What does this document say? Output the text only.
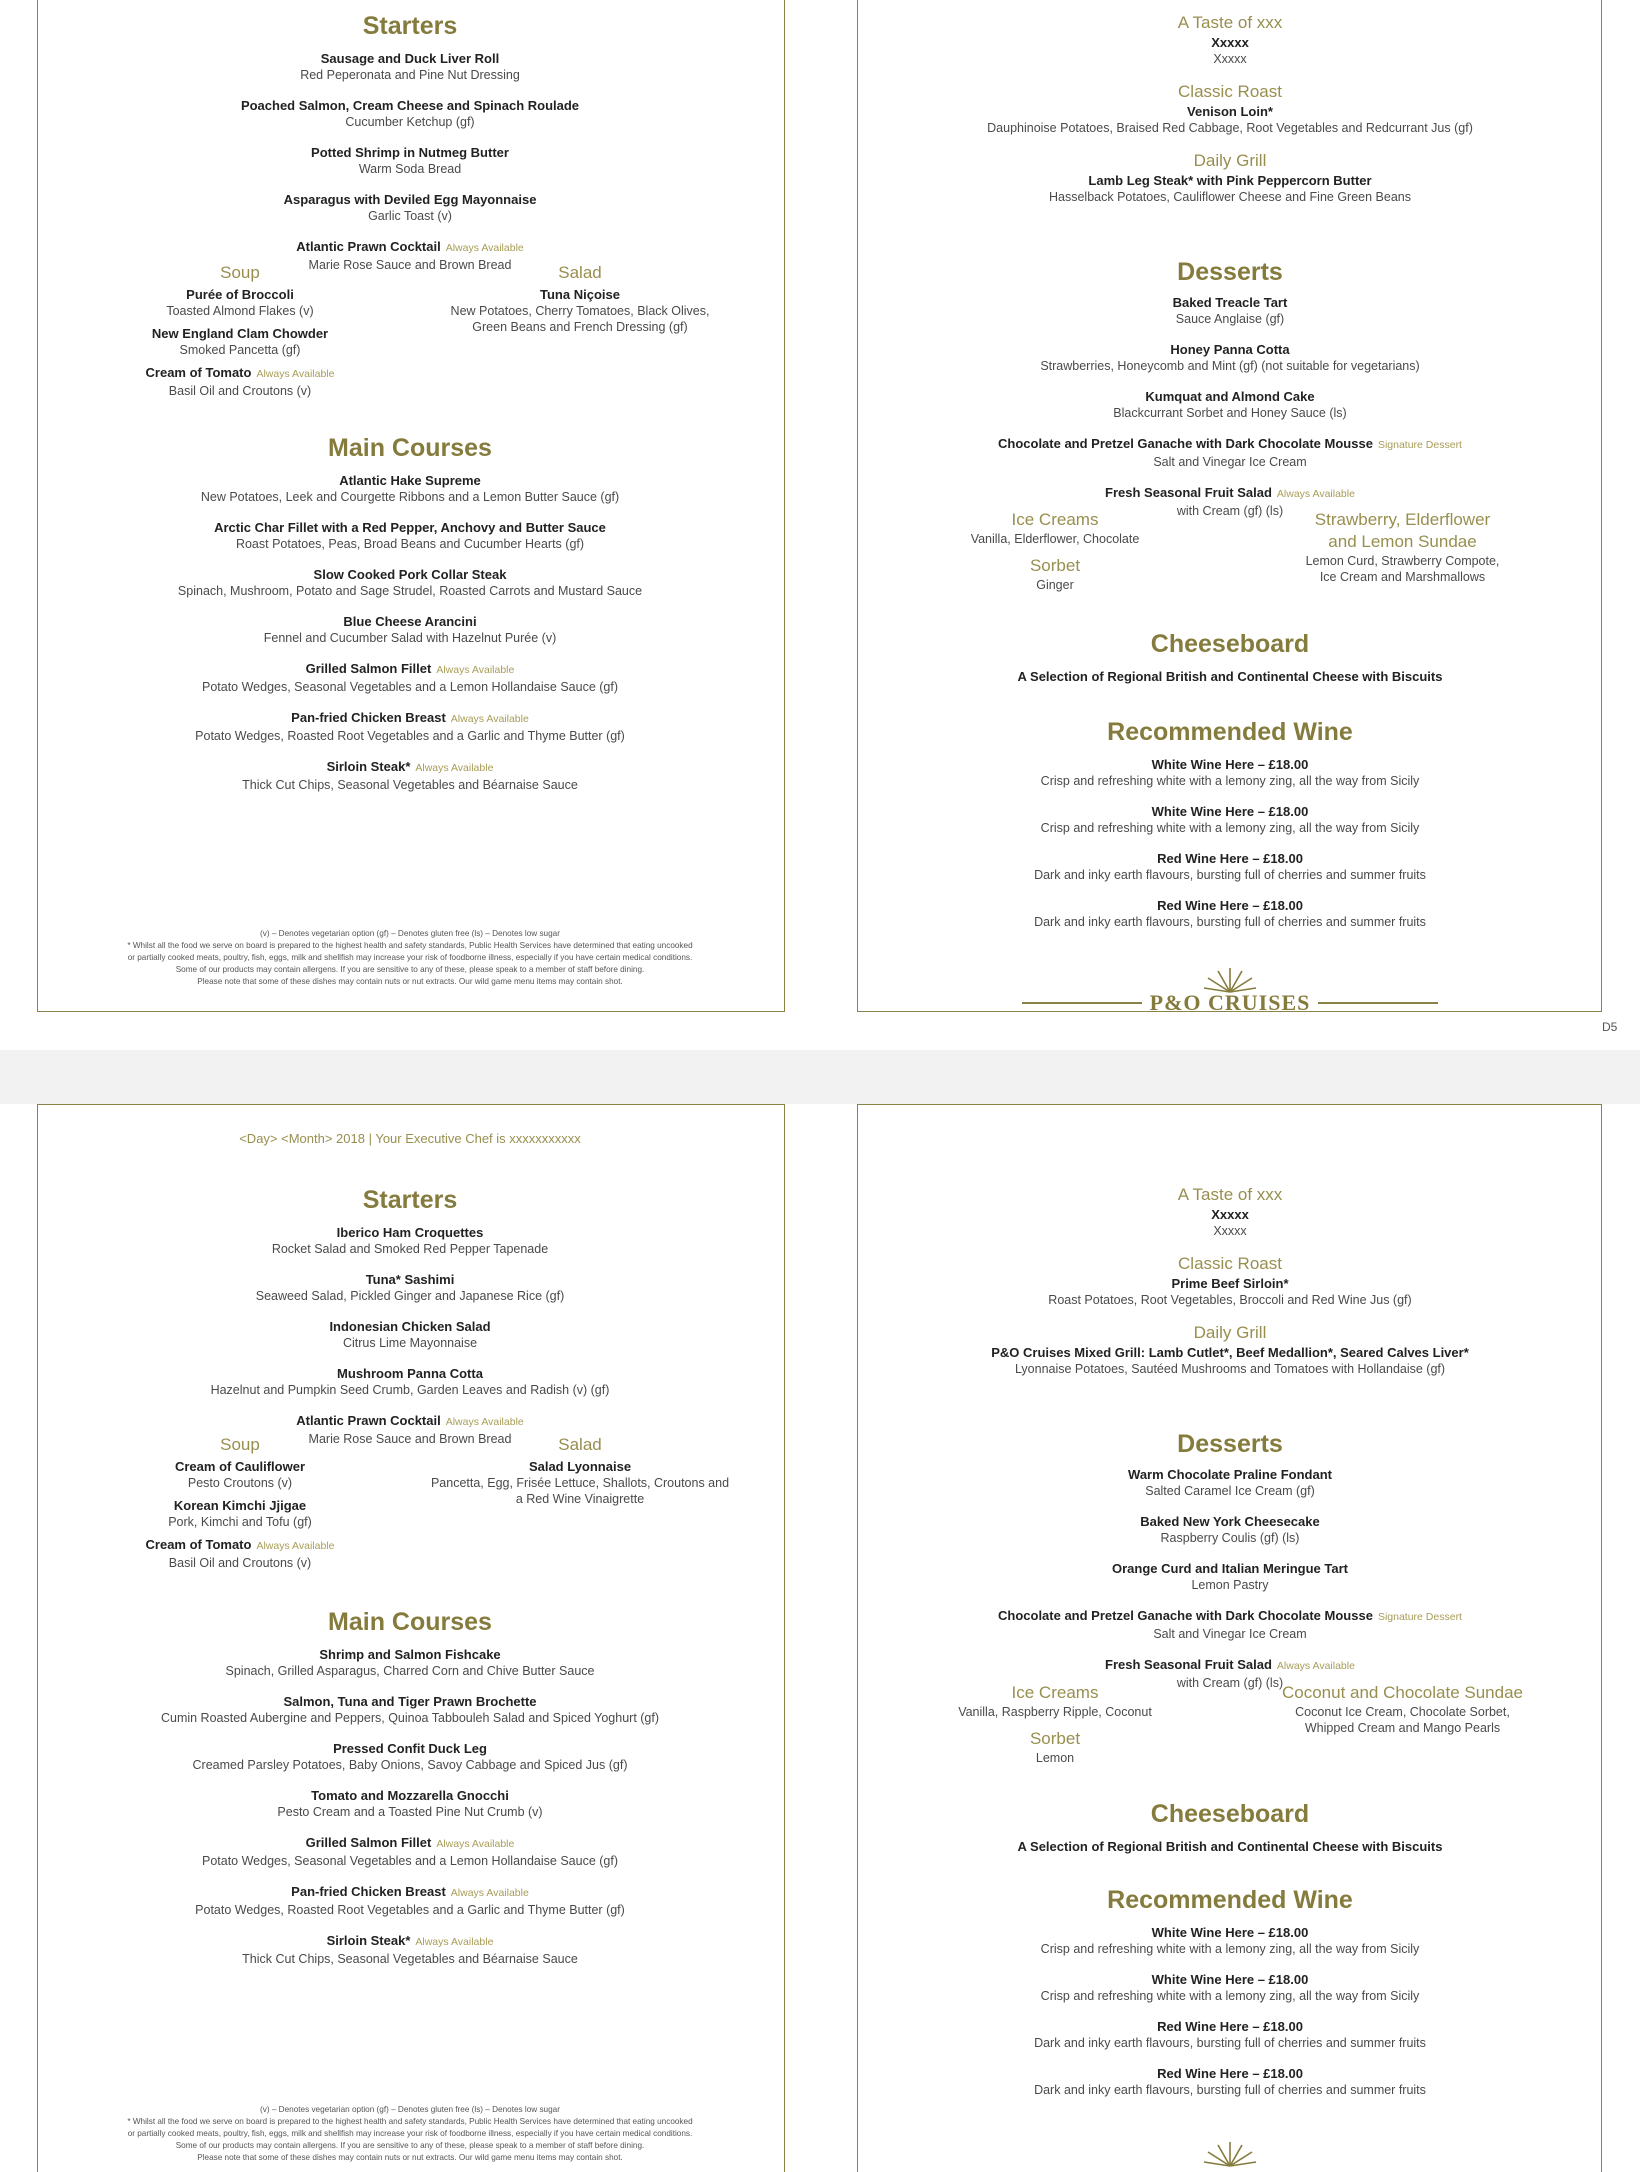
Starters
Sausage and Duck Liver Roll
Red Peperonata and Pine Nut Dressing
Poached Salmon, Cream Cheese and Spinach Roulade
Cucumber Ketchup (gf)
Potted Shrimp in Nutmeg Butter
Warm Soda Bread
Asparagus with Deviled Egg Mayonnaise
Garlic Toast (v)
Atlantic Prawn Cocktail Always Available
Marie Rose Sauce and Brown Bread
Soup
Purée of Broccoli
Toasted Almond Flakes (v)
New England Clam Chowder
Smoked Pancetta (gf)
Cream of Tomato Always Available
Basil Oil and Croutons (v)
Salad
Tuna Niçoise
New Potatoes, Cherry Tomatoes, Black Olives,
Green Beans and French Dressing (gf)
Main Courses
Atlantic Hake Supreme
New Potatoes, Leek and Courgette Ribbons and a Lemon Butter Sauce (gf)
Arctic Char Fillet with a Red Pepper, Anchovy and Butter Sauce
Roast Potatoes, Peas, Broad Beans and Cucumber Hearts (gf)
Slow Cooked Pork Collar Steak
Spinach, Mushroom, Potato and Sage Strudel, Roasted Carrots and Mustard Sauce
Blue Cheese Arancini
Fennel and Cucumber Salad with Hazelnut Purée (v)
Grilled Salmon Fillet Always Available
Potato Wedges, Seasonal Vegetables and a Lemon Hollandaise Sauce (gf)
Pan-fried Chicken Breast Always Available
Potato Wedges, Roasted Root Vegetables and a Garlic and Thyme Butter (gf)
Sirloin Steak* Always Available
Thick Cut Chips, Seasonal Vegetables and Béarnaise Sauce
(v) – Denotes vegetarian option (gf) – Denotes gluten free (ls) – Denotes low sugar
* Whilst all the food we serve on board is prepared to the highest health and safety standards, Public Health Services have determined that eating uncooked
or partially cooked meats, poultry, fish, eggs, milk and shellfish may increase your risk of foodborne illness, especially if you have certain medical conditions.
Some of our products may contain allergens. If you are sensitive to any of these, please speak to a member of staff before dining.
Please note that some of these dishes may contain nuts or nut extracts. Our wild game menu items may contain shot.
A Taste of xxx
Xxxxx
Xxxxx
Classic Roast
Venison Loin*
Dauphinoise Potatoes, Braised Red Cabbage, Root Vegetables and Redcurrant Jus (gf)
Daily Grill
Lamb Leg Steak* with Pink Peppercorn Butter
Hasselback Potatoes, Cauliflower Cheese and Fine Green Beans
Desserts
Baked Treacle Tart
Sauce Anglaise (gf)
Honey Panna Cotta
Strawberries, Honeycomb and Mint (gf) (not suitable for vegetarians)
Kumquat and Almond Cake
Blackcurrant Sorbet and Honey Sauce (ls)
Chocolate and Pretzel Ganache with Dark Chocolate Mousse Signature Dessert
Salt and Vinegar Ice Cream
Fresh Seasonal Fruit Salad Always Available
with Cream (gf) (ls)
Ice Creams
Vanilla, Elderflower, Chocolate
Sorbet
Ginger
Strawberry, Elderflower
and Lemon Sundae
Lemon Curd, Strawberry Compote,
Ice Cream and Marshmallows
Cheeseboard
A Selection of Regional British and Continental Cheese with Biscuits
Recommended Wine
White Wine Here – £18.00
Crisp and refreshing white with a lemony zing, all the way from Sicily
White Wine Here – £18.00
Crisp and refreshing white with a lemony zing, all the way from Sicily
Red Wine Here – £18.00
Dark and inky earth flavours, bursting full of cherries and summer fruits
Red Wine Here – £18.00
Dark and inky earth flavours, bursting full of cherries and summer fruits
P&O CRUISES
D5
<Day> <Month> 2018 | Your Executive Chef is xxxxxxxxxxx
Starters
Iberico Ham Croquettes
Rocket Salad and Smoked Red Pepper Tapenade
Tuna* Sashimi
Seaweed Salad, Pickled Ginger and Japanese Rice (gf)
Indonesian Chicken Salad
Citrus Lime Mayonnaise
Mushroom Panna Cotta
Hazelnut and Pumpkin Seed Crumb, Garden Leaves and Radish (v) (gf)
Atlantic Prawn Cocktail Always Available
Marie Rose Sauce and Brown Bread
Soup
Cream of Cauliflower
Pesto Croutons (v)
Korean Kimchi Jjigae
Pork, Kimchi and Tofu (gf)
Cream of Tomato Always Available
Basil Oil and Croutons (v)
Salad
Salad Lyonnaise
Pancetta, Egg, Frisée Lettuce, Shallots, Croutons and
a Red Wine Vinaigrette
Main Courses
Shrimp and Salmon Fishcake
Spinach, Grilled Asparagus, Charred Corn and Chive Butter Sauce
Salmon, Tuna and Tiger Prawn Brochette
Cumin Roasted Aubergine and Peppers, Quinoa Tabbouleh Salad and Spiced Yoghurt (gf)
Pressed Confit Duck Leg
Creamed Parsley Potatoes, Baby Onions, Savoy Cabbage and Spiced Jus (gf)
Tomato and Mozzarella Gnocchi
Pesto Cream and a Toasted Pine Nut Crumb (v)
Grilled Salmon Fillet Always Available
Potato Wedges, Seasonal Vegetables and a Lemon Hollandaise Sauce (gf)
Pan-fried Chicken Breast Always Available
Potato Wedges, Roasted Root Vegetables and a Garlic and Thyme Butter (gf)
Sirloin Steak* Always Available
Thick Cut Chips, Seasonal Vegetables and Béarnaise Sauce
(v) – Denotes vegetarian option (gf) – Denotes gluten free (ls) – Denotes low sugar
* Whilst all the food we serve on board is prepared to the highest health and safety standards, Public Health Services have determined that eating uncooked
or partially cooked meats, poultry, fish, eggs, milk and shellfish may increase your risk of foodborne illness, especially if you have certain medical conditions.
Some of our products may contain allergens. If you are sensitive to any of these, please speak to a member of staff before dining.
Please note that some of these dishes may contain nuts or nut extracts. Our wild game menu items may contain shot.
A Taste of xxx
Xxxxx
Xxxxx
Classic Roast
Prime Beef Sirloin*
Roast Potatoes, Root Vegetables, Broccoli and Red Wine Jus (gf)
Daily Grill
P&O Cruises Mixed Grill: Lamb Cutlet*, Beef Medallion*, Seared Calves Liver*
Lyonnaise Potatoes, Sautéed Mushrooms and Tomatoes with Hollandaise (gf)
Desserts
Warm Chocolate Praline Fondant
Salted Caramel Ice Cream (gf)
Baked New York Cheesecake
Raspberry Coulis (gf) (ls)
Orange Curd and Italian Meringue Tart
Lemon Pastry
Chocolate and Pretzel Ganache with Dark Chocolate Mousse Signature Dessert
Salt and Vinegar Ice Cream
Fresh Seasonal Fruit Salad Always Available
with Cream (gf) (ls)
Ice Creams
Vanilla, Raspberry Ripple, Coconut
Sorbet
Lemon
Coconut and Chocolate Sundae
Coconut Ice Cream, Chocolate Sorbet,
Whipped Cream and Mango Pearls
Cheeseboard
A Selection of Regional British and Continental Cheese with Biscuits
Recommended Wine
White Wine Here – £18.00
Crisp and refreshing white with a lemony zing, all the way from Sicily
White Wine Here – £18.00
Crisp and refreshing white with a lemony zing, all the way from Sicily
Red Wine Here – £18.00
Dark and inky earth flavours, bursting full of cherries and summer fruits
Red Wine Here – £18.00
Dark and inky earth flavours, bursting full of cherries and summer fruits
